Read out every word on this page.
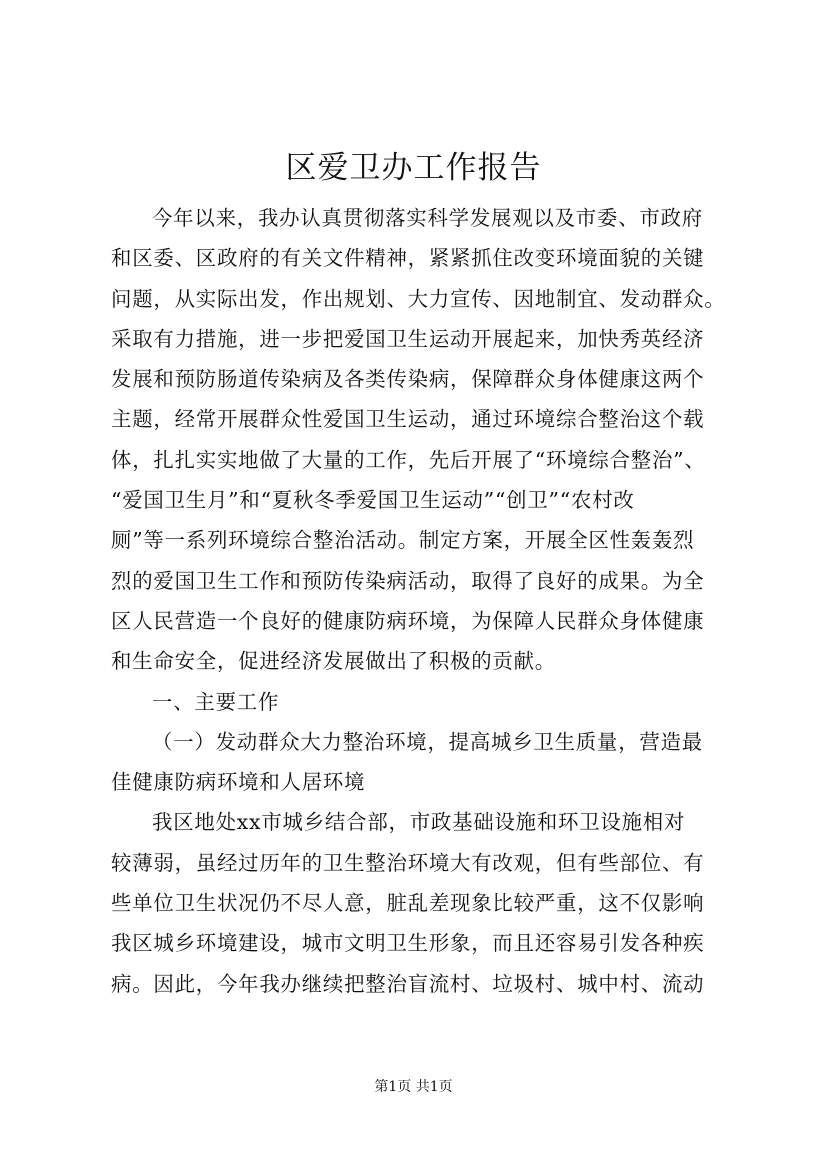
区爱卫办工作报告
今年以来，我办认真贯彻落实科学发展观以及市委、市政府
和区委、区政府的有关文件精神，紧紧抓住改变环境面貌的关键
问题，从实际出发，作出规划、大力宣传、因地制宜、发动群众。
采取有力措施，进一步把爱国卫生运动开展起来，加快秀英经济
发展和预防肠道传染病及各类传染病，保障群众身体健康这两个
主题，经常开展群众性爱国卫生运动，通过环境综合整治这个载
体，扎扎实实地做了大量的工作，先后开展了“环境综合整治”、
“爱国卫生月”和“夏秋冬季爱国卫生运动”“创卫”“农村改
厕”等一系列环境综合整治活动。制定方案，开展全区性轰轰烈
烈的爱国卫生工作和预防传染病活动，取得了良好的成果。为全
区人民营造一个良好的健康防病环境，为保障人民群众身体健康
和生命安全，促进经济发展做出了积极的贡献。
一、主要工作
（一）发动群众大力整治环境，提高城乡卫生质量，营造最
佳健康防病环境和人居环境
我区地处xx市城乡结合部，市政基础设施和环卫设施相对
较薄弱，虽经过历年的卫生整治环境大有改观，但有些部位、有
些单位卫生状况仍不尽人意，脏乱差现象比较严重，这不仅影响
我区城乡环境建设，城市文明卫生形象，而且还容易引发各种疾
病。因此，今年我办继续把整治盲流村、垃圾村、城中村、流动
第1页 共1页
